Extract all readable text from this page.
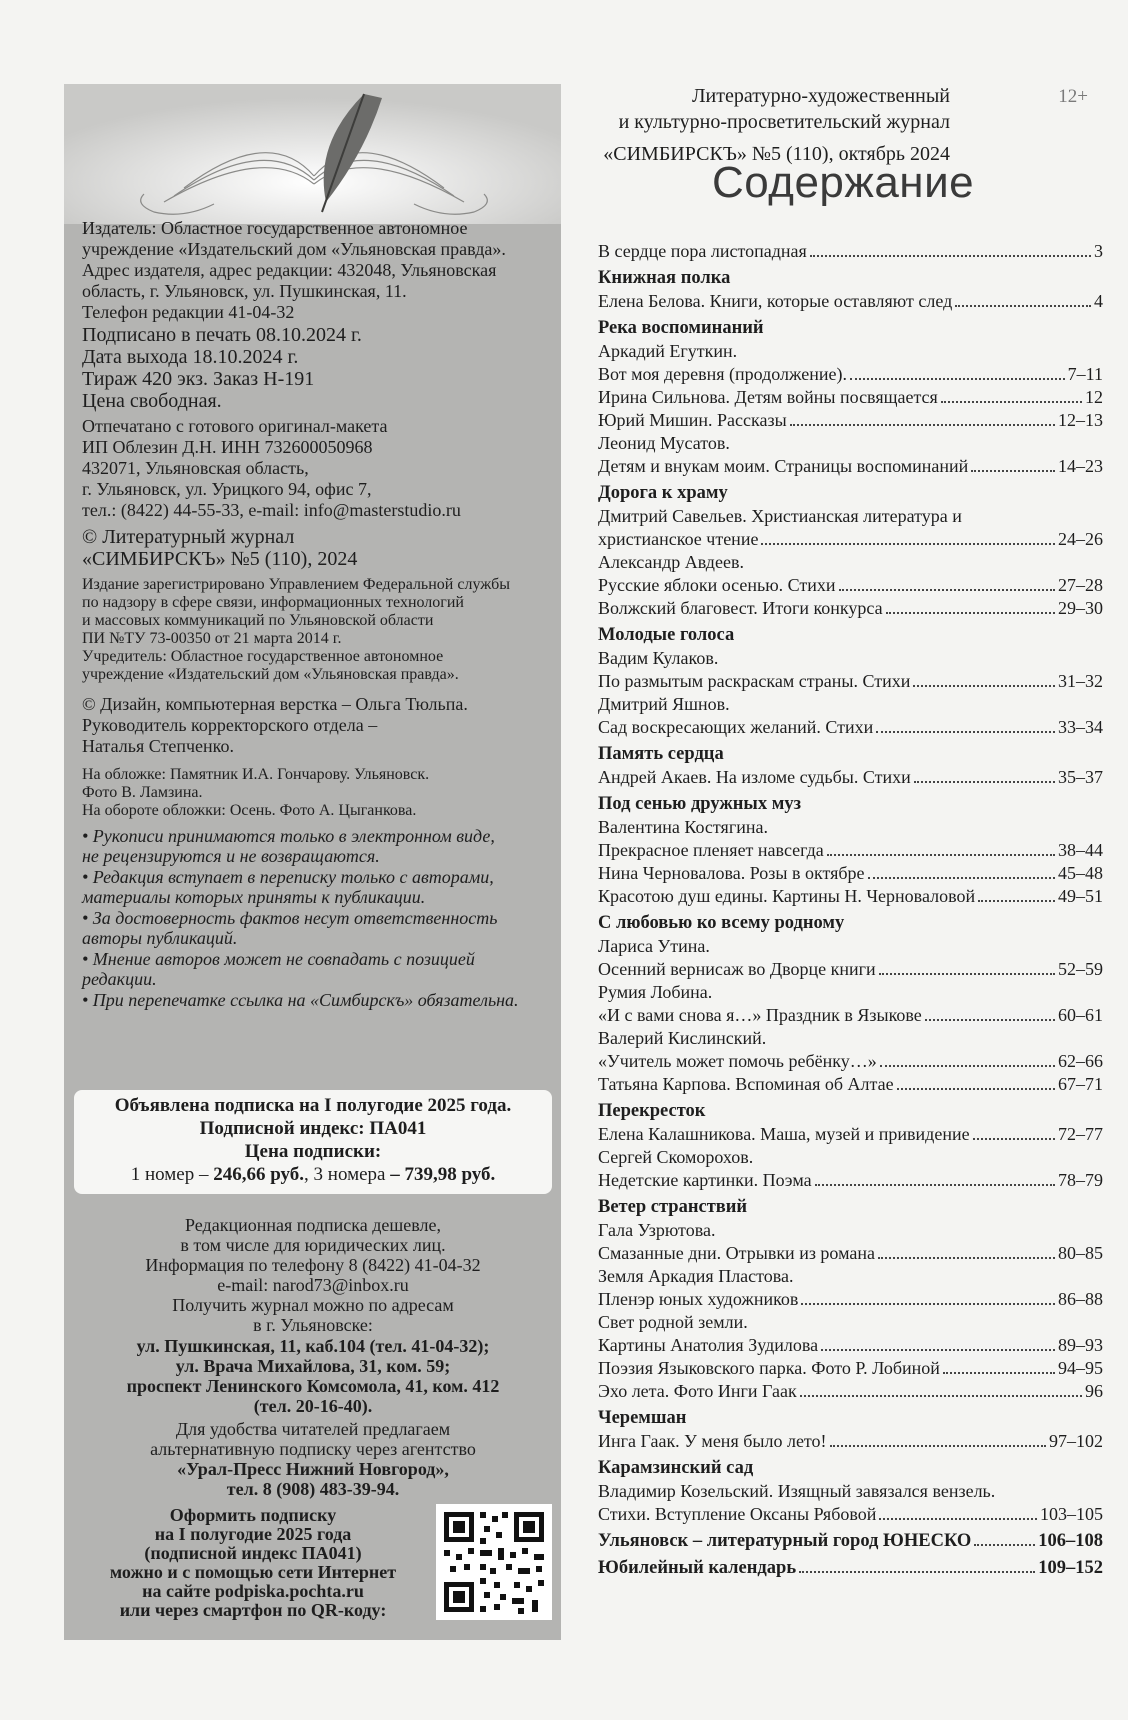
Издатель: Областное государственное автономное

учреждение «Издательский дом «Ульяновская правда».

Адрес издателя, адрес редакции: 432048, Ульяновская

область, г. Ульяновск, ул. Пушкинская, 11.

Телефон редакции 41-04-32

Подписано в печать 08.10.2024 г.

Дата выхода 18.10.2024 г.

Тираж 420 экз. Заказ Н-191

Цена свободная.

Отпечатано с готового оригинал-макета

ИП Облезин Д.Н. ИНН 732600050968

432071, Ульяновская область,

г. Ульяновск, ул. Урицкого 94, офис 7,

тел.: (8422) 44-55-33, e-mail: info@masterstudio.ru

© Литературный журнал

«СИМБИРСКЪ» №5 (110), 2024

Издание зарегистрировано Управлением Федеральной службы

по надзору в сфере связи, информационных технологий

и массовых коммуникаций по Ульяновской области

ПИ №ТУ 73-00350 от 21 марта 2014 г.

Учредитель: Областное государственное автономное

учреждение «Издательский дом «Ульяновская правда».

© Дизайн, компьютерная верстка – Ольга Тюльпа.

Руководитель корректорского отдела –

Наталья Степченко.

На обложке: Памятник И.А. Гончарову. Ульяновск.

Фото В. Ламзина.

На обороте обложки: Осень. Фото А. Цыганкова.

• Рукописи принимаются только в электронном виде,

не рецензируются и не возвращаются.

• Редакция вступает в переписку только с авторами,

материалы которых приняты к публикации.

• За достоверность фактов несут ответственность

авторы публикаций.

• Мнение авторов может не совпадать с позицией

редакции.

• При перепечатке ссылка на «Симбирскъ» обязательна.

Объявлена подписка на I полугодие 2025 года.
Подписной индекс: ПА041
Цена подписки:
1 номер – 246,66 руб., 3 номера – 739,98 руб.

Редакционная подписка дешевле,

в том числе для юридических лиц.

Информация по телефону 8 (8422) 41-04-32

e-mail: narod73@inbox.ru

Получить журнал можно по адресам

в г. Ульяновске:

ул. Пушкинская, 11, каб.104 (тел. 41-04-32);

ул. Врача Михайлова, 31, ком. 59;

проспект Ленинского Комсомола, 41, ком. 412

(тел. 20-16-40).

Для удобства читателей предлагаем

альтернативную подписку через агентство

«Урал-Пресс Нижний Новгород»,

тел. 8 (908) 483-39-94.

Оформить подписку

на I полугодие 2025 года

(подписной индекс ПА041)

можно и с помощью сети Интернет

на сайте podpiska.pochta.ru

или через смартфон по QR-коду:

Литературно-художественный
и культурно-просветительский журнал
«СИМБИРСКЪ» №5 (110), октябрь 2024
12+
Содержание
В сердце пора листопадная	3
Книжная полка
Елена Белова. Книги, которые оставляют след	4
Река воспоминаний
Аркадий Егуткин.
Вот моя деревня (продолжение).	7–11
Ирина Сильнова. Детям войны посвящается	12
Юрий Мишин. Рассказы	12–13
Леонид Мусатов.
Детям и внукам моим. Страницы воспоминаний	14–23
Дорога к храму
Дмитрий Савельев. Христианская литература и
христианское чтение	24–26
Александр Авдеев.
Русские яблоки осенью. Стихи	27–28
Волжский благовест. Итоги конкурса	29–30
Молодые голоса
Вадим Кулаков.
По размытым раскраскам страны. Стихи	31–32
Дмитрий Яшнов.
Сад воскресающих желаний. Стихи	33–34
Память сердца
Андрей Акаев. На изломе судьбы. Стихи	35–37
Под сенью дружных муз
Валентина Костягина.
Прекрасное пленяет навсегда	38–44
Нина Черновалова. Розы в октябре	45–48
Красотою душ едины. Картины Н. Черноваловой	49–51
С любовью ко всему родному
Лариса Утина.
Осенний вернисаж во Дворце книги	52–59
Румия Лобина.
«И с вами снова я…» Праздник в Языкове	60–61
Валерий Кислинский.
«Учитель может помочь ребёнку…»	62–66
Татьяна Карпова. Вспоминая об Алтае	67–71
Перекресток
Елена Калашникова. Маша, музей и привидение	72–77
Сергей Скоморохов.
Недетские картинки. Поэма	78–79
Ветер странствий
Гала Узрютова.
Смазанные дни. Отрывки из романа	80–85
Земля Аркадия Пластова.
Пленэр юных художников	86–88
Свет родной земли.
Картины Анатолия Зудилова	89–93
Поэзия Языковского парка. Фото Р. Лобиной	94–95
Эхо лета. Фото Инги Гаак	96
Черемшан
Инга Гаак. У меня было лето!	97–102
Карамзинский сад
Владимир Козельский. Изящный завязался вензель.
Стихи. Вступление Оксаны Рябовой	103–105
Ульяновск – литературный город ЮНЕСКО	106–108
Юбилейный календарь	109–152
